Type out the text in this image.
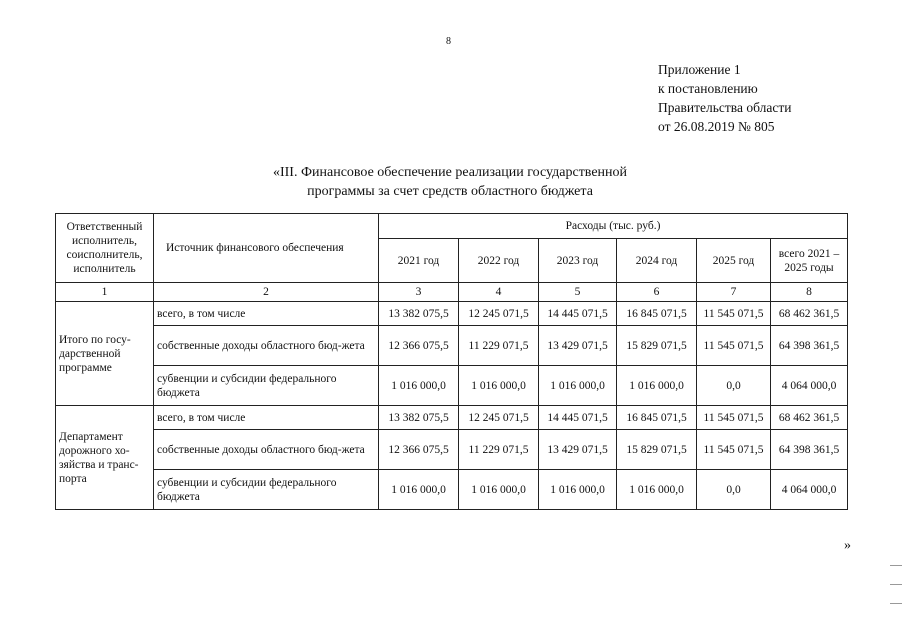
8
Приложение 1
к постановлению
Правительства области
от 26.08.2019 № 805
«III. Финансовое обеспечение реализации государственной
программы за счет средств областного бюджета
Ответственный исполнитель, соисполнитель, исполнитель	Источник финансового обеспечения	Расходы (тыс. руб.)					
		2021 год	2022 год	2023 год	2024 год	2025 год	всего 2021 – 2025 годы
1	2	3	4	5	6	7	8
Итого по госу-дарственной программе	всего, в том числе	13 382 075,5	12 245 071,5	14 445 071,5	16 845 071,5	11 545 071,5	68 462 361,5
	собственные доходы областного бюд-жета	12 366 075,5	11 229 071,5	13 429 071,5	15 829 071,5	11 545 071,5	64 398 361,5
	субвенции и субсидии федерального бюджета	1 016 000,0	1 016 000,0	1 016 000,0	1 016 000,0	0,0	4 064 000,0
Департамент дорожного хо-зяйства и транс-порта	всего, в том числе	13 382 075,5	12 245 071,5	14 445 071,5	16 845 071,5	11 545 071,5	68 462 361,5
	собственные доходы областного бюд-жета	12 366 075,5	11 229 071,5	13 429 071,5	15 829 071,5	11 545 071,5	64 398 361,5
	субвенции и субсидии федерального бюджета	1 016 000,0	1 016 000,0	1 016 000,0	1 016 000,0	0,0	4 064 000,0
»
